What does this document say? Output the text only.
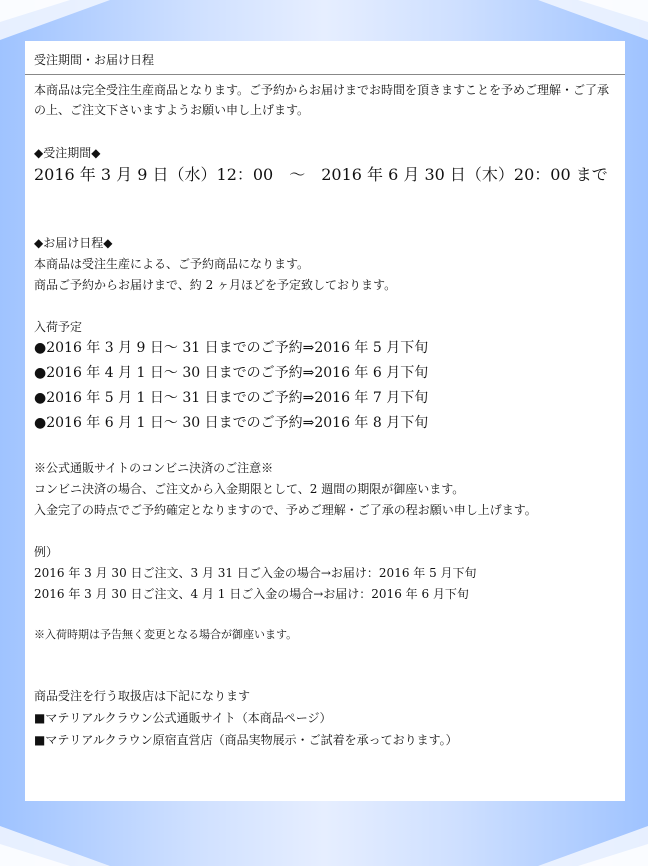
受注期間・お届け日程
本商品は完全受注生産商品となります。ご予約からお届けまでお時間を頂きますことを予めご理解・ご了承
の上、ご注文下さいますようお願い申し上げます。
◆受注期間◆
2016 年 3 月 9 日（水）12：00　～　2016 年 6 月 30 日（木）20：00 まで
◆お届け日程◆
本商品は受注生産による、ご予約商品になります。
商品ご予約からお届けまで、約 2 ヶ月ほどを予定致しております。
入荷予定
●2016 年 3 月 9 日～ 31 日までのご予約⇒2016 年 5 月下旬
●2016 年 4 月 1 日～ 30 日までのご予約⇒2016 年 6 月下旬
●2016 年 5 月 1 日～ 31 日までのご予約⇒2016 年 7 月下旬
●2016 年 6 月 1 日～ 30 日までのご予約⇒2016 年 8 月下旬
※公式通販サイトのコンビニ決済のご注意※
コンビニ決済の場合、ご注文から入金期限として、2 週間の期限が御座います。
入金完了の時点でご予約確定となりますので、予めご理解・ご了承の程お願い申し上げます。
例）
2016 年 3 月 30 日ご注文、3 月 31 日ご入金の場合→お届け：2016 年 5 月下旬
2016 年 3 月 30 日ご注文、4 月 1 日ご入金の場合→お届け：2016 年 6 月下旬
※入荷時期は予告無く変更となる場合が御座います。
商品受注を行う取扱店は下記になります
■マテリアルクラウン公式通販サイト（本商品ページ）
■マテリアルクラウン原宿直営店（商品実物展示・ご試着を承っております。）
